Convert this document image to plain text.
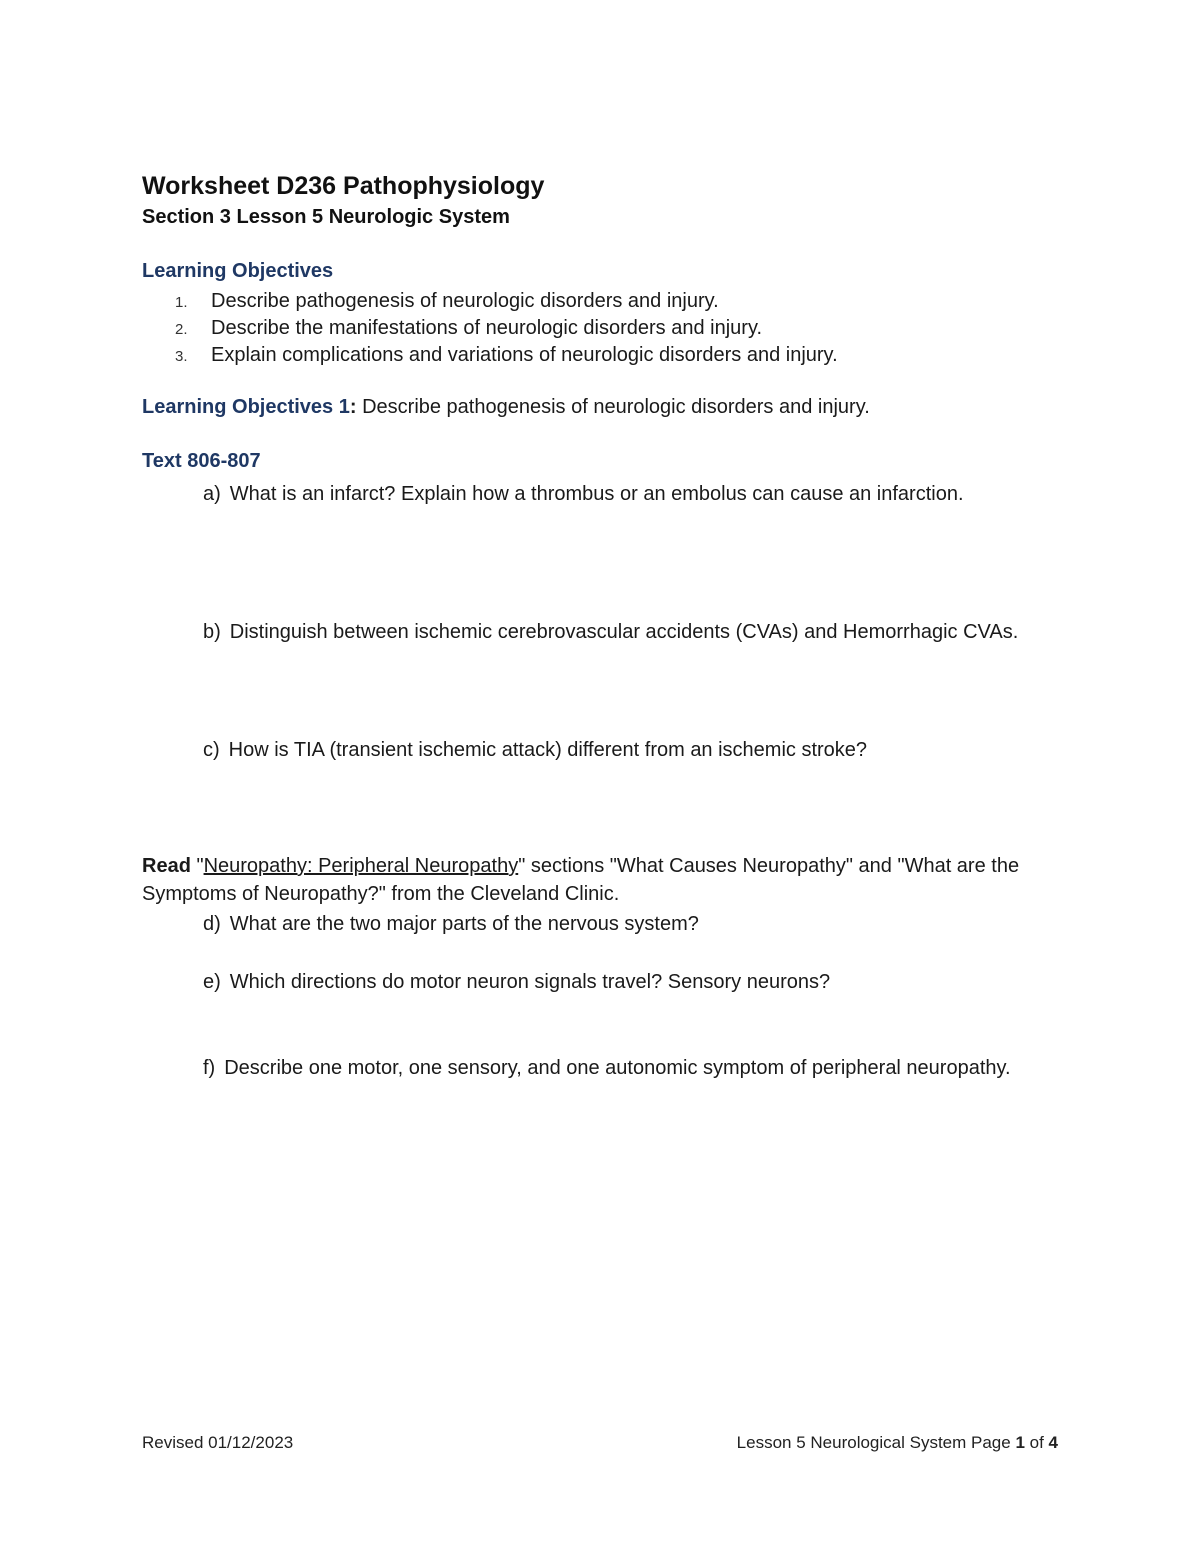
Worksheet D236 Pathophysiology
Section 3 Lesson 5 Neurologic System
Learning Objectives
1. Describe pathogenesis of neurologic disorders and injury.
2. Describe the manifestations of neurologic disorders and injury.
3. Explain complications and variations of neurologic disorders and injury.
Learning Objectives 1: Describe pathogenesis of neurologic disorders and injury.
Text 806-807
a) What is an infarct? Explain how a thrombus or an embolus can cause an infarction.
b) Distinguish between ischemic cerebrovascular accidents (CVAs) and Hemorrhagic CVAs.
c) How is TIA (transient ischemic attack) different from an ischemic stroke?
Read "Neuropathy: Peripheral Neuropathy" sections "What Causes Neuropathy" and "What are the Symptoms of Neuropathy?" from the Cleveland Clinic.
d) What are the two major parts of the nervous system?
e) Which directions do motor neuron signals travel? Sensory neurons?
f) Describe one motor, one sensory, and one autonomic symptom of peripheral neuropathy.
Revised 01/12/2023	Lesson 5 Neurological System Page 1 of 4
